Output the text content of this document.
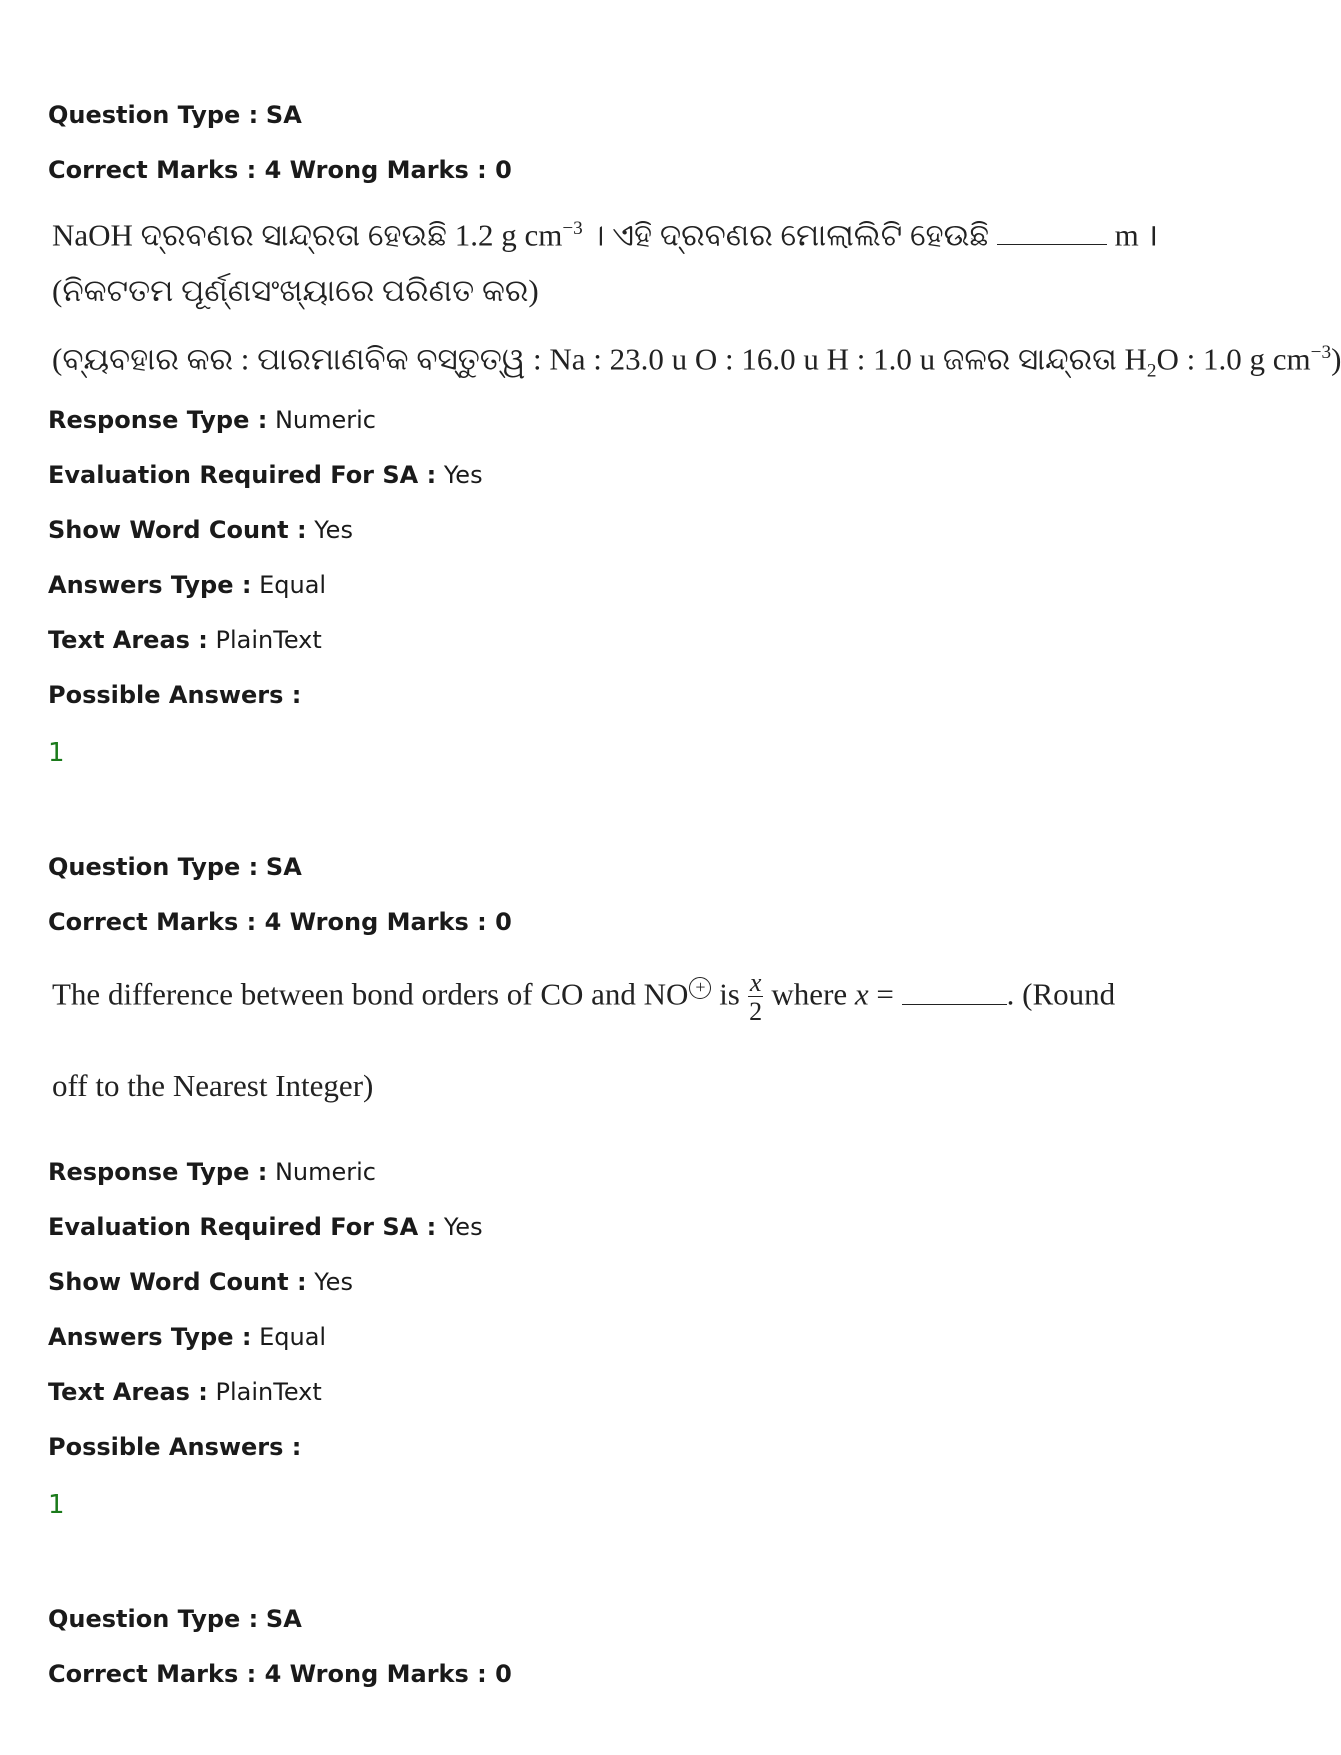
Question Type : SA
Correct Marks : 4 Wrong Marks : 0
NaOH ଦ୍ରବଣର ସାନ୍ଦ୍ରତା ହେଉଛି 1.2 g $cm^{-3}$ । ଏହି ଦ୍ରବଣର ମୋଲାଲିଟି ହେଉଛି	m ।
(ନିକଟତମ ପୂର୍ଣ୍ଣସଂଖ୍ୟାରେ ପରିଣତ କର)
(ବ୍ୟବହାର କର : ପାରମାଣବିକ ବସ୍ତୁତ୍ୱ : Na : 23.0 u O : 16.0 u H : 1.0 u ଜଳର ସାନ୍ଦ୍ରତା $H_2O$ : 1.0 g $cm^{-3}$)
Response Type : Numeric
Evaluation Required For SA : Yes
Show Word Count : Yes
Answers Type : Equal
Text Areas : PlainText
Possible Answers :
1
Question Type : SA
Correct Marks : 4 Wrong Marks : 0
The difference between bond orders of CO and NO + is $\frac{x}{2}$ where x =	. (Round
off to the Nearest Integer)
Response Type : Numeric
Evaluation Required For SA : Yes
Show Word Count : Yes
Answers Type : Equal
Text Areas : PlainText
Possible Answers :
1
Question Type : SA
Correct Marks : 4 Wrong Marks : 0
